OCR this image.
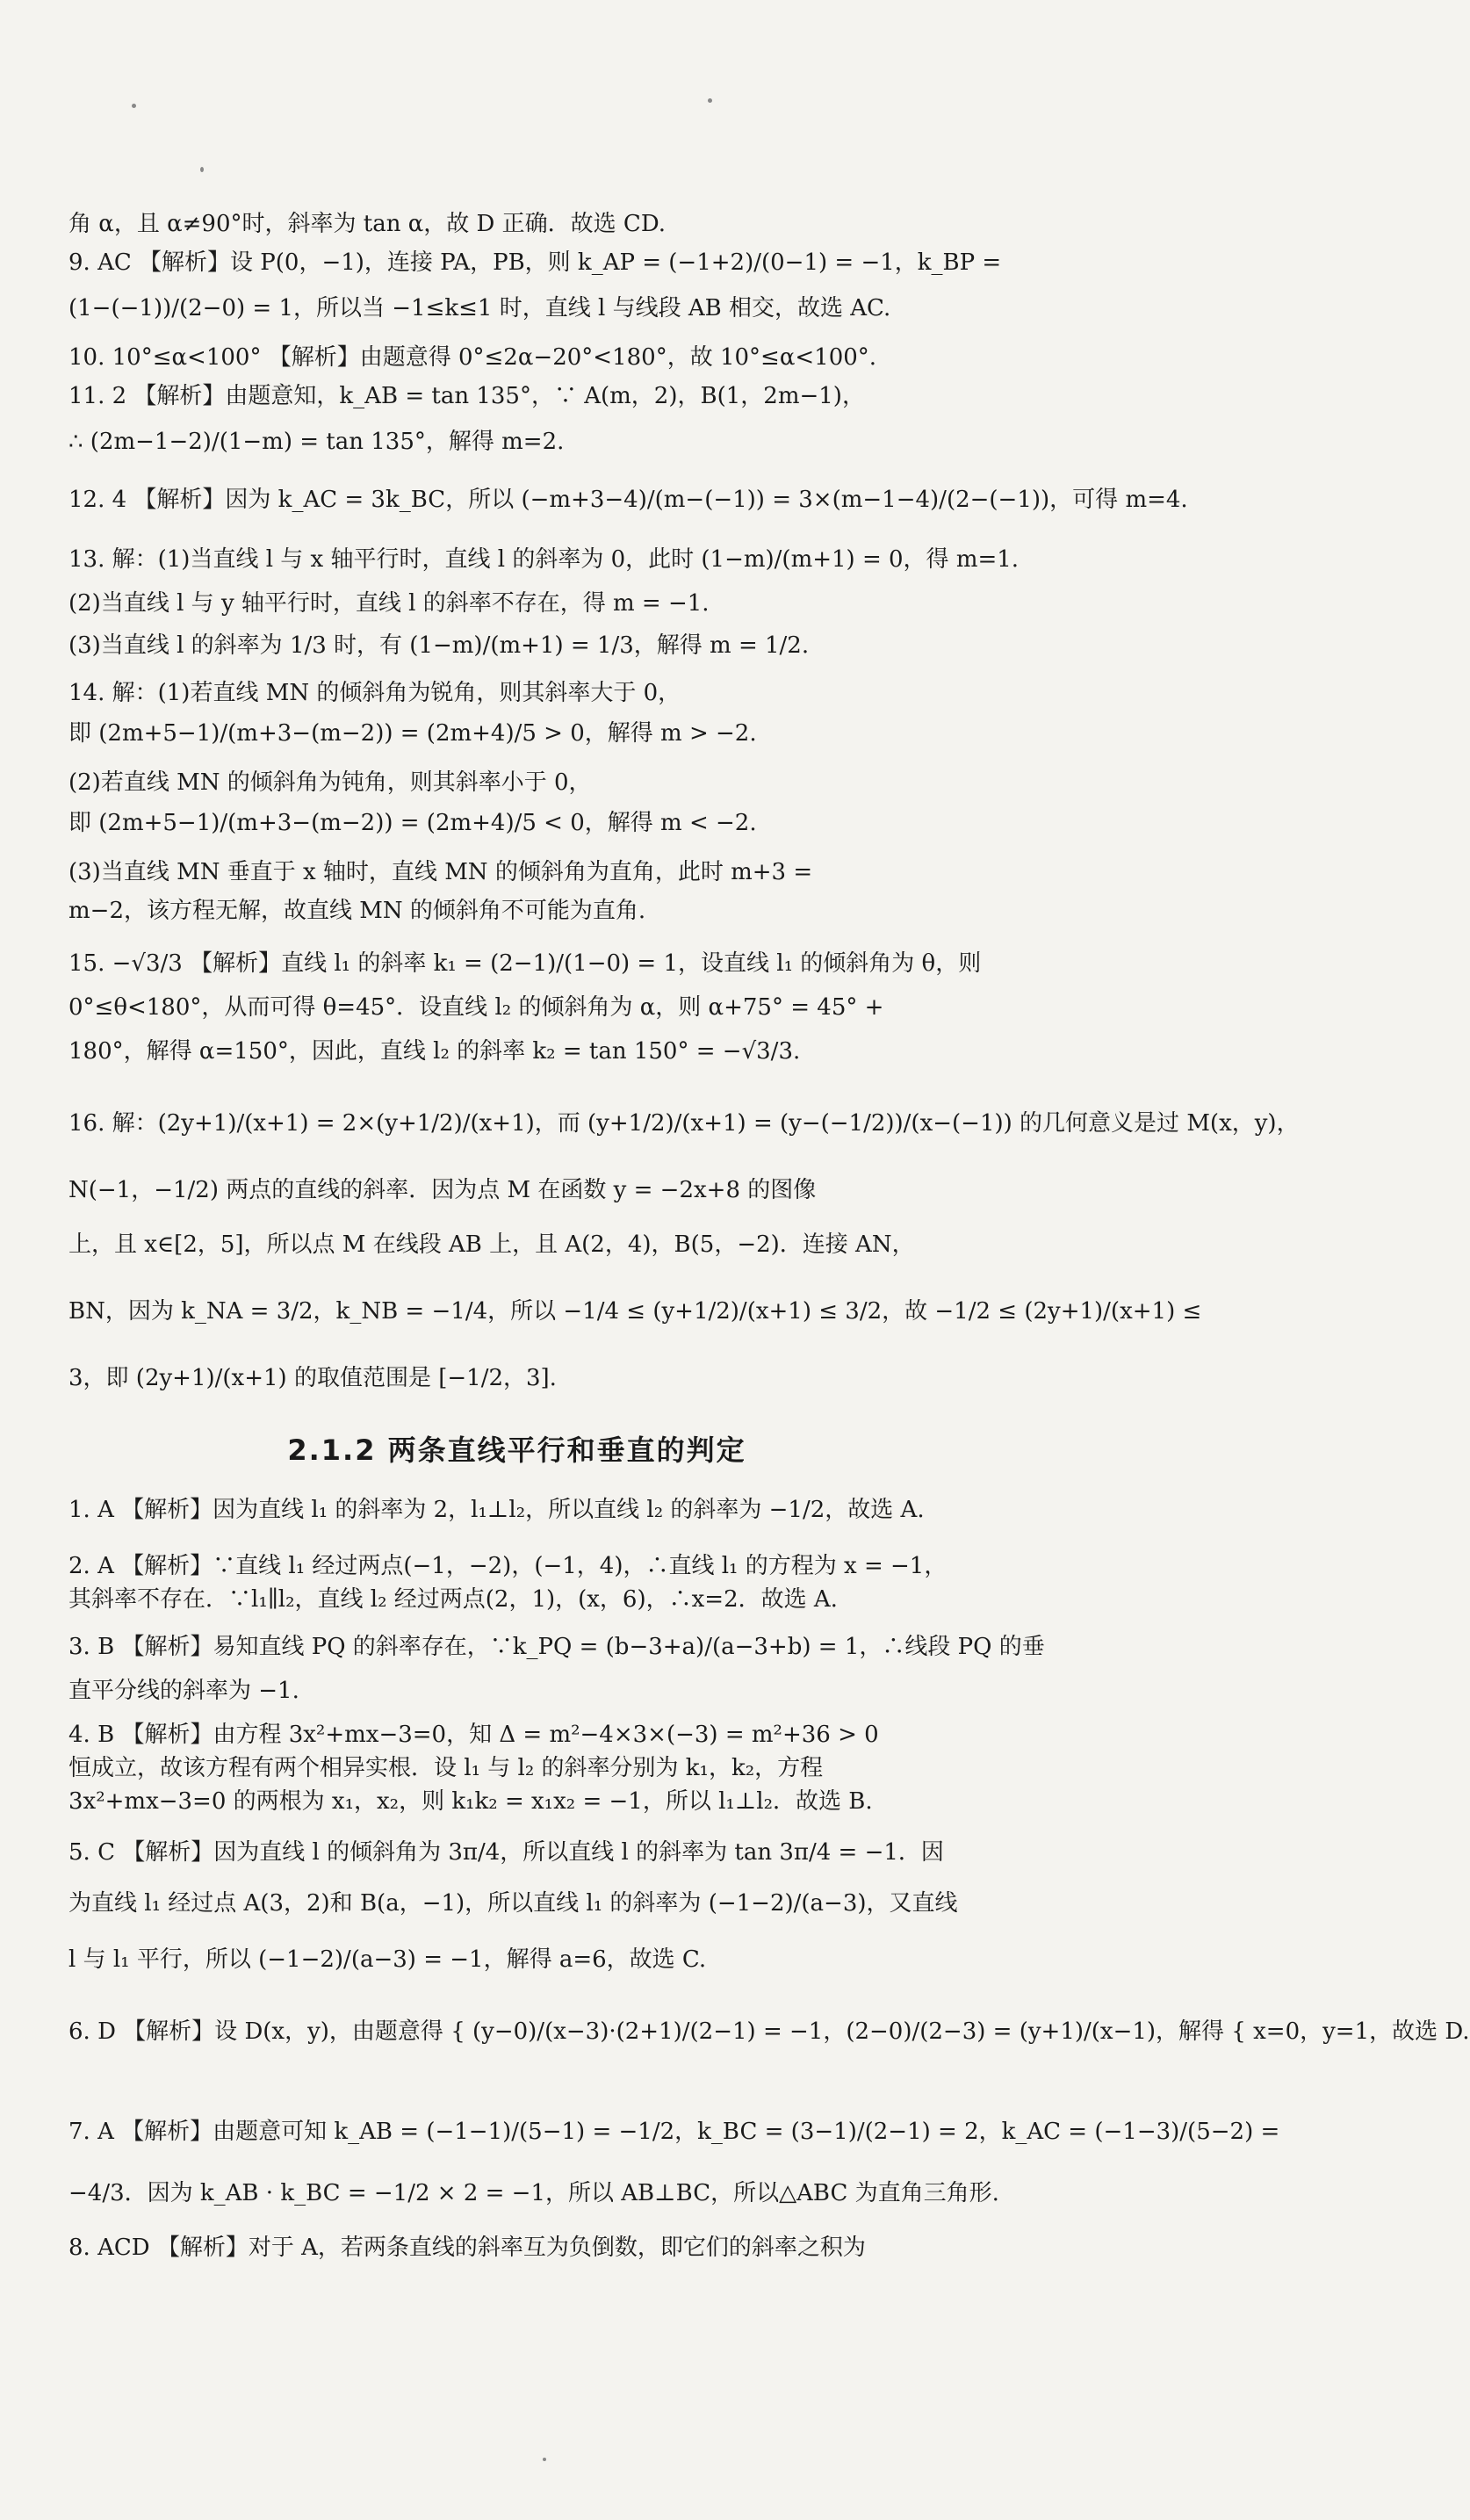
角 α，且 α≠90°时，斜率为 tan α，故 D 正确．故选 CD.
9. AC 【解析】设 P(0，−1)，连接 PA，PB，则 k_AP = (−1+2)/(0−1) = −1，k_BP =
(1−(−1))/(2−0) = 1，所以当 −1≤k≤1 时，直线 l 与线段 AB 相交，故选 AC.
10. 10°≤α<100° 【解析】由题意得 0°≤2α−20°<180°，故 10°≤α<100°.
11. 2 【解析】由题意知，k_AB = tan 135°，∵ A(m，2)，B(1，2m−1)，
∴ (2m−1−2)/(1−m) = tan 135°，解得 m=2.
12. 4 【解析】因为 k_AC = 3k_BC，所以 (−m+3−4)/(m−(−1)) = 3×(m−1−4)/(2−(−1))，可得 m=4.
13. 解：(1)当直线 l 与 x 轴平行时，直线 l 的斜率为 0，此时 (1−m)/(m+1) = 0，得 m=1.
(2)当直线 l 与 y 轴平行时，直线 l 的斜率不存在，得 m = −1.
(3)当直线 l 的斜率为 1/3 时，有 (1−m)/(m+1) = 1/3，解得 m = 1/2.
14. 解：(1)若直线 MN 的倾斜角为锐角，则其斜率大于 0，
即 (2m+5−1)/(m+3−(m−2)) = (2m+4)/5 > 0，解得 m > −2.
(2)若直线 MN 的倾斜角为钝角，则其斜率小于 0，
即 (2m+5−1)/(m+3−(m−2)) = (2m+4)/5 < 0，解得 m < −2.
(3)当直线 MN 垂直于 x 轴时，直线 MN 的倾斜角为直角，此时 m+3 =
m−2，该方程无解，故直线 MN 的倾斜角不可能为直角.
15. −√3/3 【解析】直线 l₁ 的斜率 k₁ = (2−1)/(1−0) = 1，设直线 l₁ 的倾斜角为 θ，则
0°≤θ<180°，从而可得 θ=45°．设直线 l₂ 的倾斜角为 α，则 α+75° = 45° +
180°，解得 α=150°，因此，直线 l₂ 的斜率 k₂ = tan 150° = −√3/3.
16. 解：(2y+1)/(x+1) = 2×(y+1/2)/(x+1)，而 (y+1/2)/(x+1) = (y−(−1/2))/(x−(−1)) 的几何意义是过 M(x，y)，
N(−1，−1/2) 两点的直线的斜率．因为点 M 在函数 y = −2x+8 的图像
上，且 x∈[2，5]，所以点 M 在线段 AB 上，且 A(2，4)，B(5，−2)．连接 AN，
BN，因为 k_NA = 3/2，k_NB = −1/4，所以 −1/4 ≤ (y+1/2)/(x+1) ≤ 3/2，故 −1/2 ≤ (2y+1)/(x+1) ≤
3，即 (2y+1)/(x+1) 的取值范围是 [−1/2，3].
1. A 【解析】因为直线 l₁ 的斜率为 2，l₁⊥l₂，所以直线 l₂ 的斜率为 −1/2，故选 A.
2. A 【解析】∵直线 l₁ 经过两点(−1，−2)，(−1，4)，∴直线 l₁ 的方程为 x = −1，
其斜率不存在．∵l₁∥l₂，直线 l₂ 经过两点(2，1)，(x，6)，∴x=2．故选 A.
3. B 【解析】易知直线 PQ 的斜率存在，∵k_PQ = (b−3+a)/(a−3+b) = 1，∴线段 PQ 的垂
直平分线的斜率为 −1.
4. B 【解析】由方程 3x²+mx−3=0，知 Δ = m²−4×3×(−3) = m²+36 > 0
恒成立，故该方程有两个相异实根．设 l₁ 与 l₂ 的斜率分别为 k₁，k₂，方程
3x²+mx−3=0 的两根为 x₁，x₂，则 k₁k₂ = x₁x₂ = −1，所以 l₁⊥l₂．故选 B.
5. C 【解析】因为直线 l 的倾斜角为 3π/4，所以直线 l 的斜率为 tan 3π/4 = −1．因
为直线 l₁ 经过点 A(3，2)和 B(a，−1)，所以直线 l₁ 的斜率为 (−1−2)/(a−3)，又直线
l 与 l₁ 平行，所以 (−1−2)/(a−3) = −1，解得 a=6，故选 C.
6. D 【解析】设 D(x，y)，由题意得 { (y−0)/(x−3)·(2+1)/(2−1) = −1，(2−0)/(2−3) = (y+1)/(x−1)，解得 { x=0，y=1，故选 D.
7. A 【解析】由题意可知 k_AB = (−1−1)/(5−1) = −1/2，k_BC = (3−1)/(2−1) = 2，k_AC = (−1−3)/(5−2) =
−4/3．因为 k_AB · k_BC = −1/2 × 2 = −1，所以 AB⊥BC，所以△ABC 为直角三角形.
8. ACD 【解析】对于 A，若两条直线的斜率互为负倒数，即它们的斜率之积为
2.1.2 两条直线平行和垂直的判定
